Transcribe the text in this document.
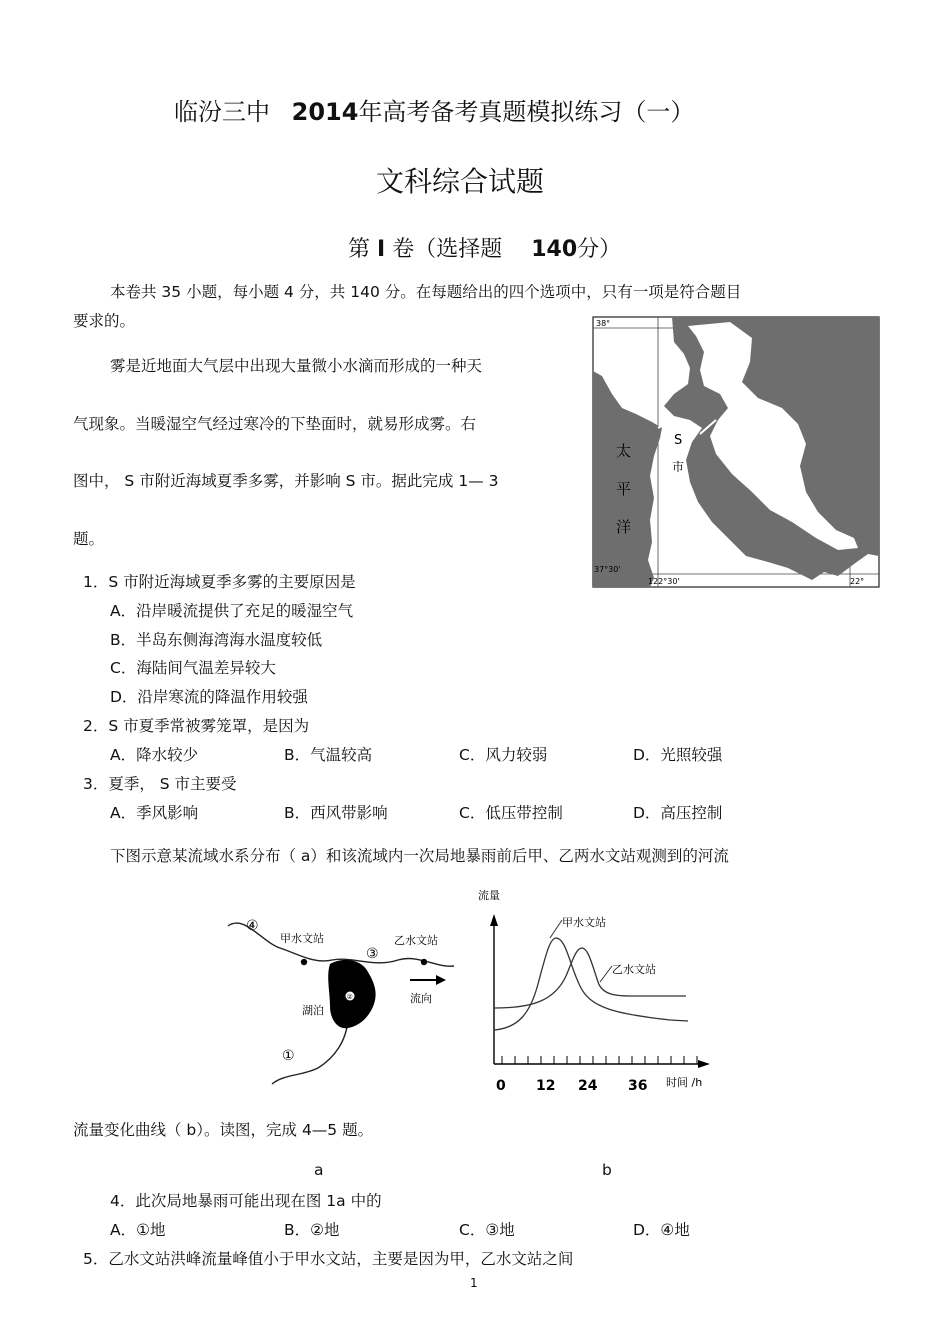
临汾三中 2014年高考备考真题模拟练习（一）
文科综合试题
第 I 卷（选择题 140分）
本卷共 35 小题，每小题 4 分，共 140 分。在每题给出的四个选项中，只有一项是符合题目
要求的。
雾是近地面大气层中出现大量微小水滴而形成的一种天
气现象。当暖湿空气经过寒冷的下垫面时，就易形成雾。右
图中， S 市附近海域夏季多雾，并影响 S 市。据此完成 1— 3
题。
38°
37°30'
122°30'	22°
太
平
洋
S
市
1．S 市附近海域夏季多雾的主要原因是
A．沿岸暖流提供了充足的暖湿空气
B．半岛东侧海湾海水温度较低
C．海陆间气温差异较大
D．沿岸寒流的降温作用较强
2．S 市夏季常被雾笼罩，是因为
A．降水较少	B．气温较高	C．风力较弱	D．光照较强
3．夏季， S 市主要受
A．季风影响	B．西风带影响	C．低压带控制	D．高压控制
下图示意某流域水系分布（ a）和该流域内一次局地暴雨前后甲、乙两水文站观测到的河流
②
④
甲水文站
③
乙水文站
流向
湖泊
①
流量
甲水文站
乙水文站
0 12 24 36 时间 /h
流量变化曲线（ b）。读图，完成 4—5 题。
a	b
4．此次局地暴雨可能出现在图 1a 中的
A．①地	B．②地	C．③地	D．④地
5．乙水文站洪峰流量峰值小于甲水文站，主要是因为甲，乙水文站之间
1
